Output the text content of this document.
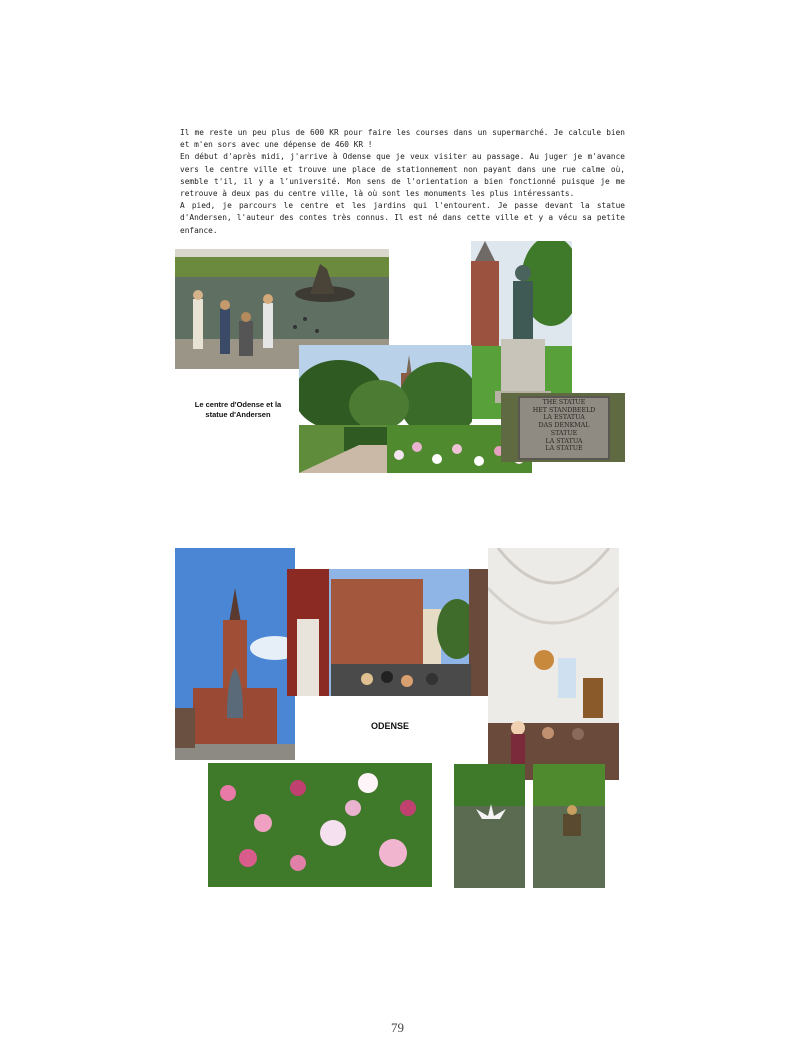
Il me reste un peu plus de 600 KR pour faire les courses dans un supermarché. Je calcule bien et m'en sors avec une dépense de 460 KR !

En début d'après midi, j'arrive à Odense que je veux visiter au passage. Au juger je m'avance vers le centre ville et trouve une place de stationnement non payant dans une rue calme où, semble t'il, il y a l'université. Mon sens de l'orientation a bien fonctionné puisque je me retrouve à deux pas du centre ville, là où sont les monuments les plus intéressants.

A pied, je parcours le centre et les jardins qui l'entourent. Je passe devant la statue d'Andersen, l'auteur des contes très connus. Il est né dans cette ville et y a vécu sa petite enfance.

THE STATUE
HET STANDBEELD
LA ESTATUA
DAS DENKMAL
STATUE
LA STATUA
LA STATUE
Le centre d'Odense et la statue d'Andersen
ODENSE
79
